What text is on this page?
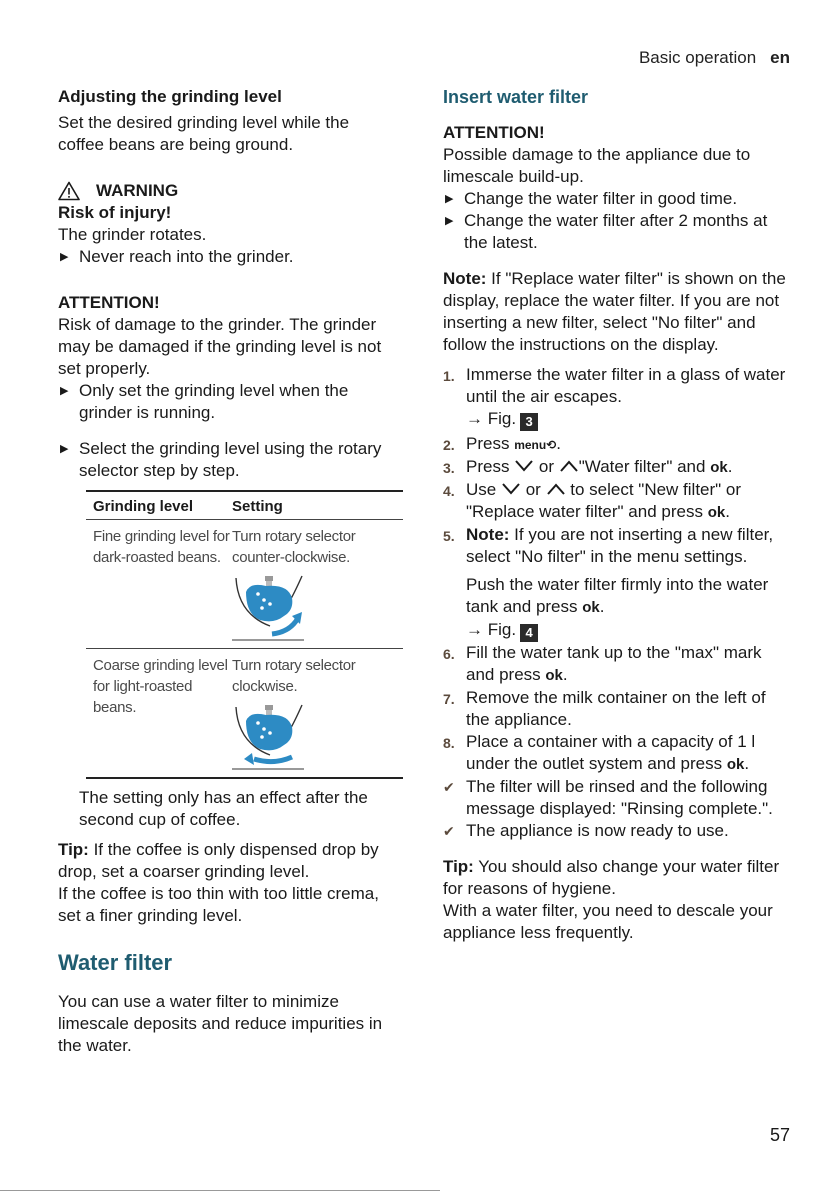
Basic operation en
Adjusting the grinding level
Set the desired grinding level while the coffee beans are being ground.
WARNING
Risk of injury!
The grinder rotates.
▶ Never reach into the grinder.
ATTENTION!
Risk of damage to the grinder. The grinder may be damaged if the grinding level is not set properly.
▶ Only set the grinding level when the grinder is running.
▶ Select the grinding level using the rotary selector step by step.
Grinding level	Setting
Fine grinding level for dark-roasted beans.
Turn rotary selector counter-clockwise.
Coarse grinding level for light-roasted beans.
Turn rotary selector clockwise.
The setting only has an effect after the second cup of coffee.
Tip: If the coffee is only dispensed drop by drop, set a coarser grinding level.
If the coffee is too thin with too little crema, set a finer grinding level.
Water filter
You can use a water filter to minimize limescale deposits and reduce impurities in the water.
Insert water filter
ATTENTION!
Possible damage to the appliance due to limescale build-up.
▶ Change the water filter in good time.
▶ Change the water filter after 2 months at the latest.
Note: If "Replace water filter" is shown on the display, replace the water filter. If you are not inserting a new filter, select "No filter" and follow the instructions on the display.
1. Immerse the water filter in a glass of water until the air escapes.
→ Fig. 3
2. Press menu⟲.
3. Press  or "Water filter" and ok.
4. Use  or  to select "New filter" or "Replace water filter" and press ok.
5. Note: If you are not inserting a new filter, select "No filter" in the menu settings.
Push the water filter firmly into the water tank and press ok.
→ Fig. 4
6. Fill the water tank up to the "max" mark and press ok.
7. Remove the milk container on the left of the appliance.
8. Place a container with a capacity of 1 l under the outlet system and press ok.
✔ The filter will be rinsed and the following message displayed: "Rinsing complete.".
✔ The appliance is now ready to use.
Tip: You should also change your water filter for reasons of hygiene.
With a water filter, you need to descale your appliance less frequently.
57
